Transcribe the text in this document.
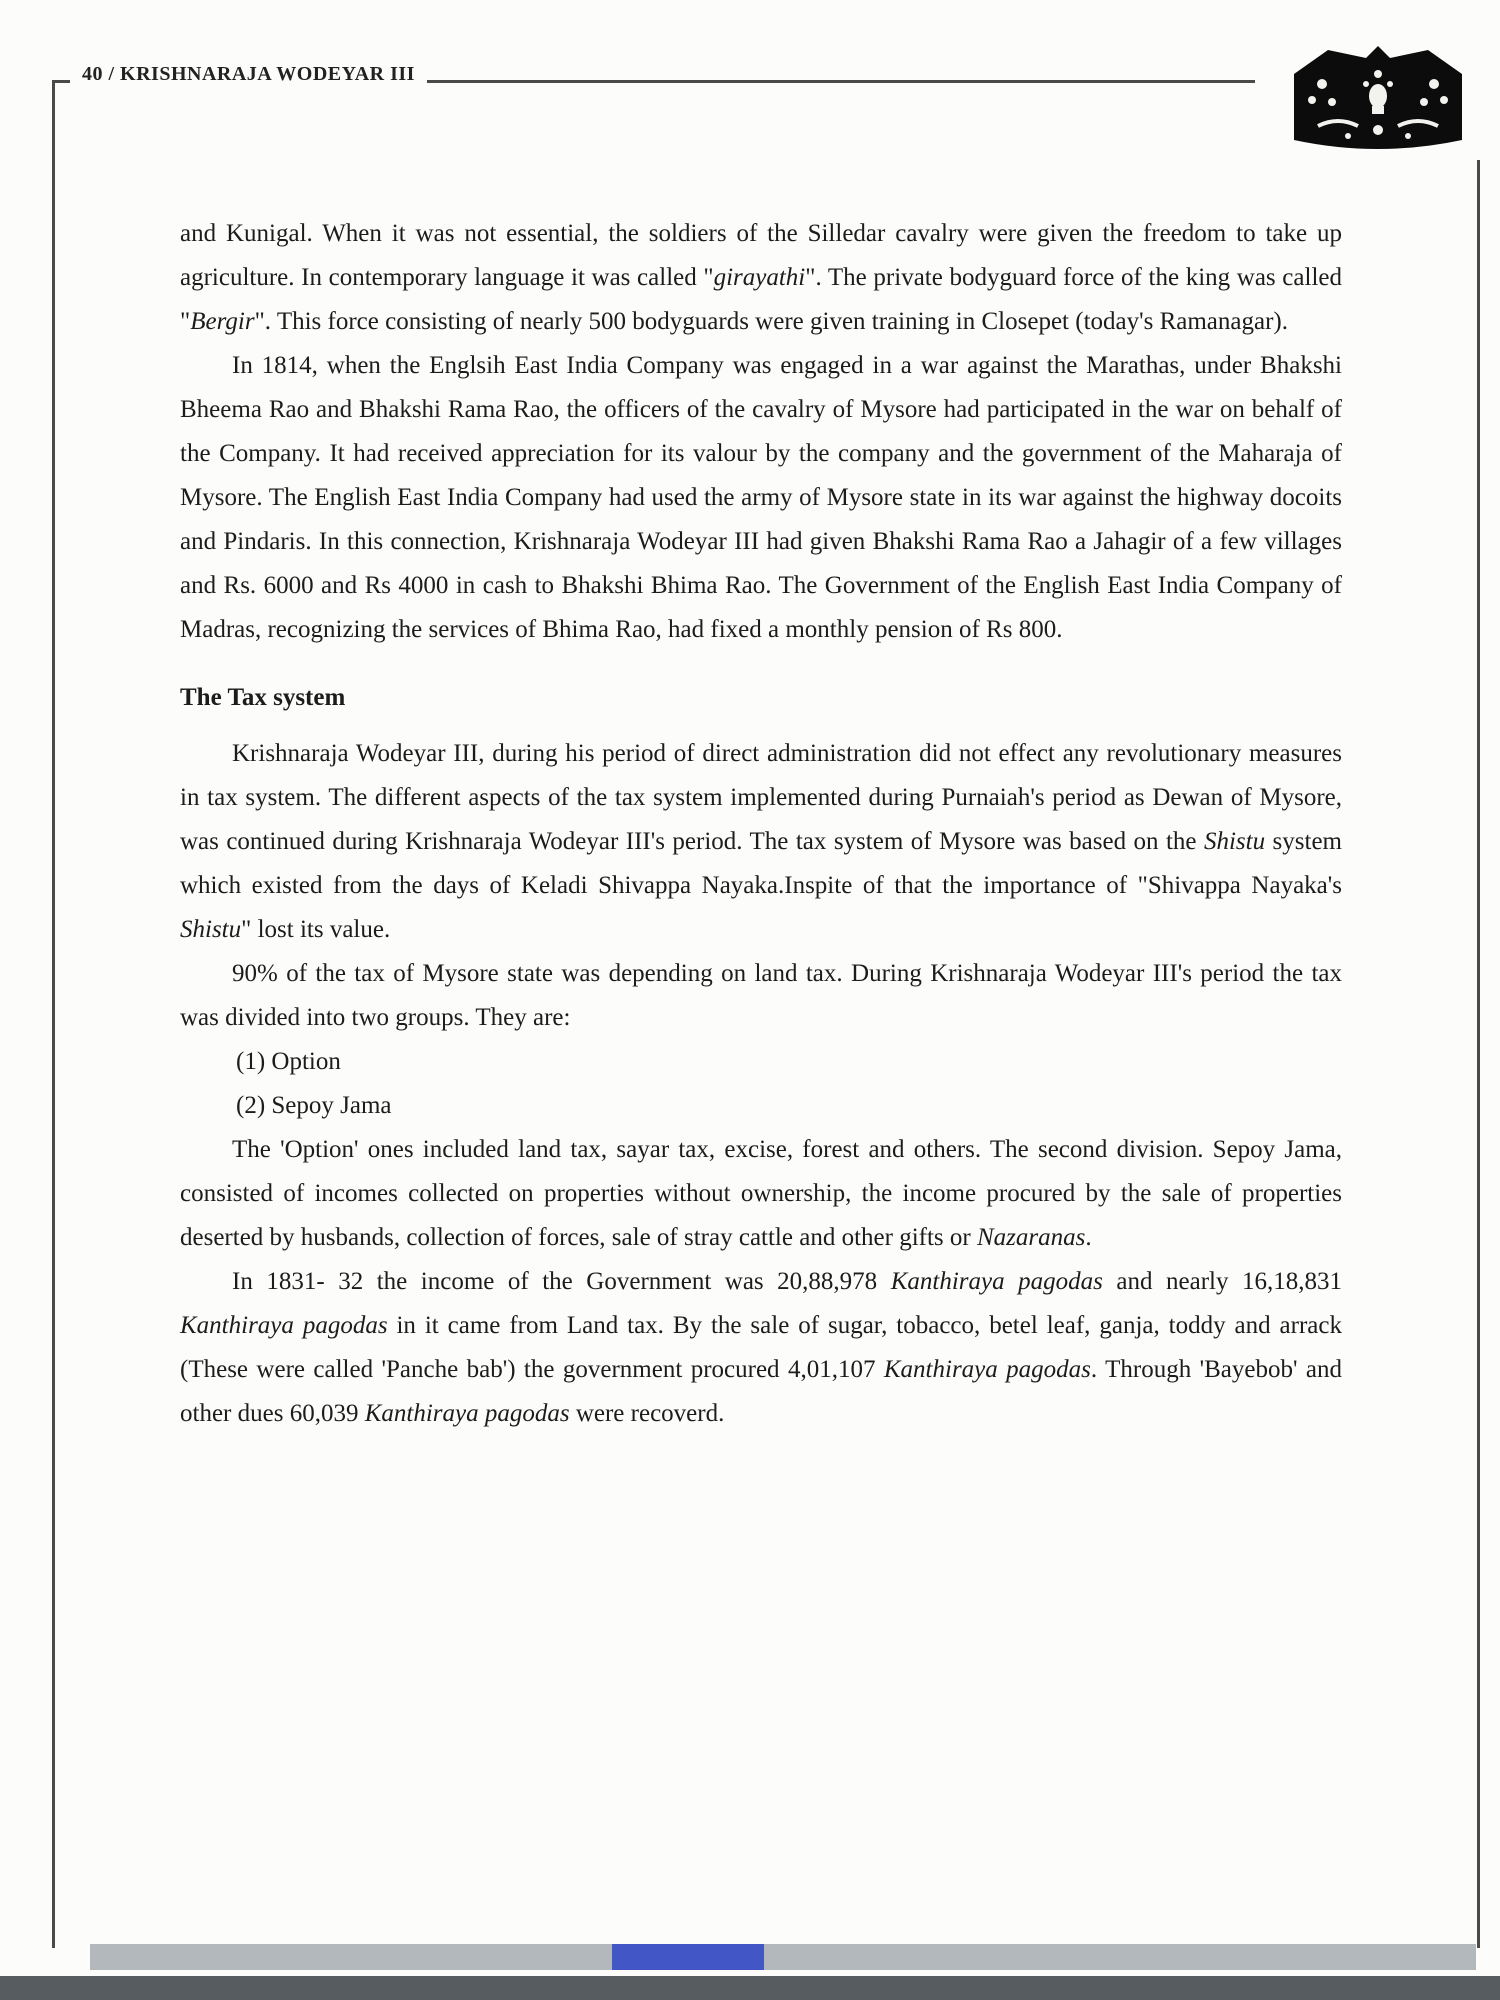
40 / KRISHNARAJA WODEYAR III

and Kunigal. When it was not essential, the soldiers of the Silledar cavalry were given the freedom to take up agriculture. In contemporary language it was called "girayathi". The private bodyguard force of the king was called "Bergir". This force consisting of nearly 500 bodyguards were given training in Closepet (today's Ramanagar).

In 1814, when the Englsih East India Company was engaged in a war against the Marathas, under Bhakshi Bheema Rao and Bhakshi Rama Rao, the officers of the cavalry of Mysore had participated in the war on behalf of the Company. It had received appreciation for its valour by the company and the government of the Maharaja of Mysore. The English East India Company had used the army of Mysore state in its war against the highway docoits and Pindaris. In this connection, Krishnaraja Wodeyar III had given Bhakshi Rama Rao a Jahagir of a few villages and Rs. 6000 and Rs 4000 in cash to Bhakshi Bhima Rao. The Government of the English East India Company of Madras, recognizing the services of Bhima Rao, had fixed a monthly pension of Rs 800.

The Tax system

Krishnaraja Wodeyar III, during his period of direct administration did not effect any revolutionary measures in tax system. The different aspects of the tax system implemented during Purnaiah's period as Dewan of Mysore, was continued during Krishnaraja Wodeyar III's period. The tax system of Mysore was based on the Shistu system which existed from the days of Keladi Shivappa Nayaka.Inspite of that the importance of "Shivappa Nayaka's Shistu" lost its value.

90% of the tax of Mysore state was depending on land tax. During Krishnaraja Wodeyar III's period the tax was divided into two groups. They are:

(1) Option

(2) Sepoy Jama

The 'Option' ones included land tax, sayar tax, excise, forest and others. The second division. Sepoy Jama, consisted of incomes collected on properties without ownership, the income procured by the sale of properties deserted by husbands, collection of forces, sale of stray cattle and other gifts or Nazaranas.

In 1831- 32 the income of the Government was 20,88,978 Kanthiraya pagodas and nearly 16,18,831 Kanthiraya pagodas in it came from Land tax. By the sale of sugar, tobacco, betel leaf, ganja, toddy and arrack (These were called 'Panche bab') the government procured 4,01,107 Kanthiraya pagodas. Through 'Bayebob' and other dues 60,039 Kanthiraya pagodas were recoverd.
